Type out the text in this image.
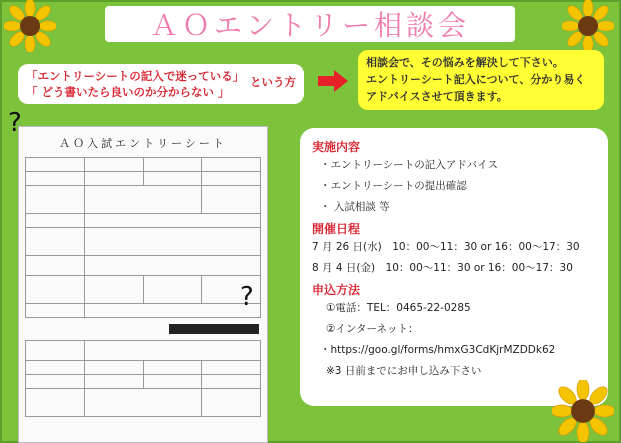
ＡＯエントリー相談会
「エントリーシートの記入で迷っている」
「 どう書いたら良いのか分からない 」
という方
相談会で、その悩みを解決して下さい。
エントリーシート記入について、分かり易く
アドバイスさせて頂きます。
ＡＯ入試エントリーシート

?
?
実施内容
・エントリーシートの記入アドバイス
・エントリーシートの提出確認
・ 入試相談 等
開催日程
7 月 26 日(水)　10：00～11：30 or 16：00～17：30
8 月 4 日(金)　10：00～11：30 or 16：00～17：30
申込方法
①電話：TEL：0465-22-0285
②インターネット：
・https://goo.gl/forms/hmxG3CdKjrMZDDk62
※3 日前までにお申し込み下さい
